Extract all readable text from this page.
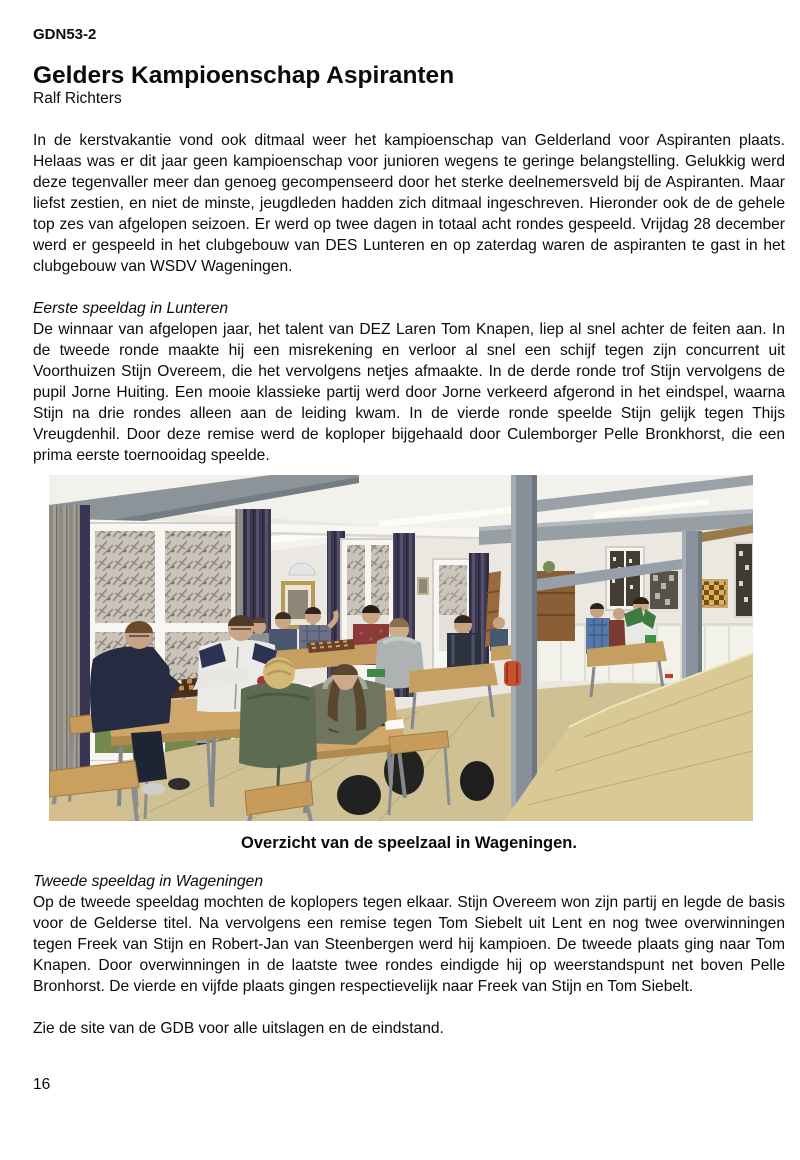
GDN53-2
Gelders Kampioenschap Aspiranten
Ralf Richters

In de kerstvakantie vond ook ditmaal weer het kampioenschap van Gelderland voor Aspiranten plaats. Helaas was er dit jaar geen kampioenschap voor junioren wegens te geringe belangstelling. Gelukkig werd deze tegenvaller meer dan genoeg gecompenseerd door het sterke deelnemersveld bij de Aspiranten. Maar liefst zestien, en niet de minste, jeugdleden hadden zich ditmaal ingeschreven. Hieronder ook de de gehele top zes van afgelopen seizoen. Er werd op twee dagen in totaal acht rondes gespeeld. Vrijdag 28 december werd er gespeeld in het clubgebouw van DES Lunteren en op zaterdag waren de aspiranten te gast in het clubgebouw van WSDV Wageningen.

Eerste speeldag in Lunteren

De winnaar van afgelopen jaar, het talent van DEZ Laren Tom Knapen, liep al snel achter de feiten aan. In de tweede ronde maakte hij een misrekening en verloor al snel een schijf tegen zijn concurrent uit Voorthuizen Stijn Overeem, die het vervolgens netjes afmaakte. In de derde ronde trof Stijn vervolgens de pupil Jorne Huiting. Een mooie klassieke partij werd door Jorne verkeerd afgerond in het eindspel, waarna Stijn na drie rondes alleen aan de leiding kwam. In de vierde ronde speelde Stijn gelijk tegen Thijs Vreugdenhil. Door deze remise werd de koploper bijgehaald door Culemborger Pelle Bronkhorst, die een prima eerste toernooidag speelde.

Overzicht van de speelzaal in Wageningen.
Tweede speeldag in Wageningen

Op de tweede speeldag mochten de koplopers tegen elkaar. Stijn Overeem won zijn partij en legde de basis voor de Gelderse titel. Na vervolgens een remise tegen Tom Siebelt uit Lent en nog twee overwinningen tegen Freek van Stijn en Robert-Jan van Steenbergen werd hij kampioen. De tweede plaats ging naar Tom Knapen. Door overwinningen in de laatste twee rondes eindigde hij op weerstandspunt net boven Pelle Bronhorst. De vierde en vijfde plaats gingen respectievelijk naar Freek van Stijn en Tom Siebelt.

Zie de site van de GDB voor alle uitslagen en de eindstand.

16
